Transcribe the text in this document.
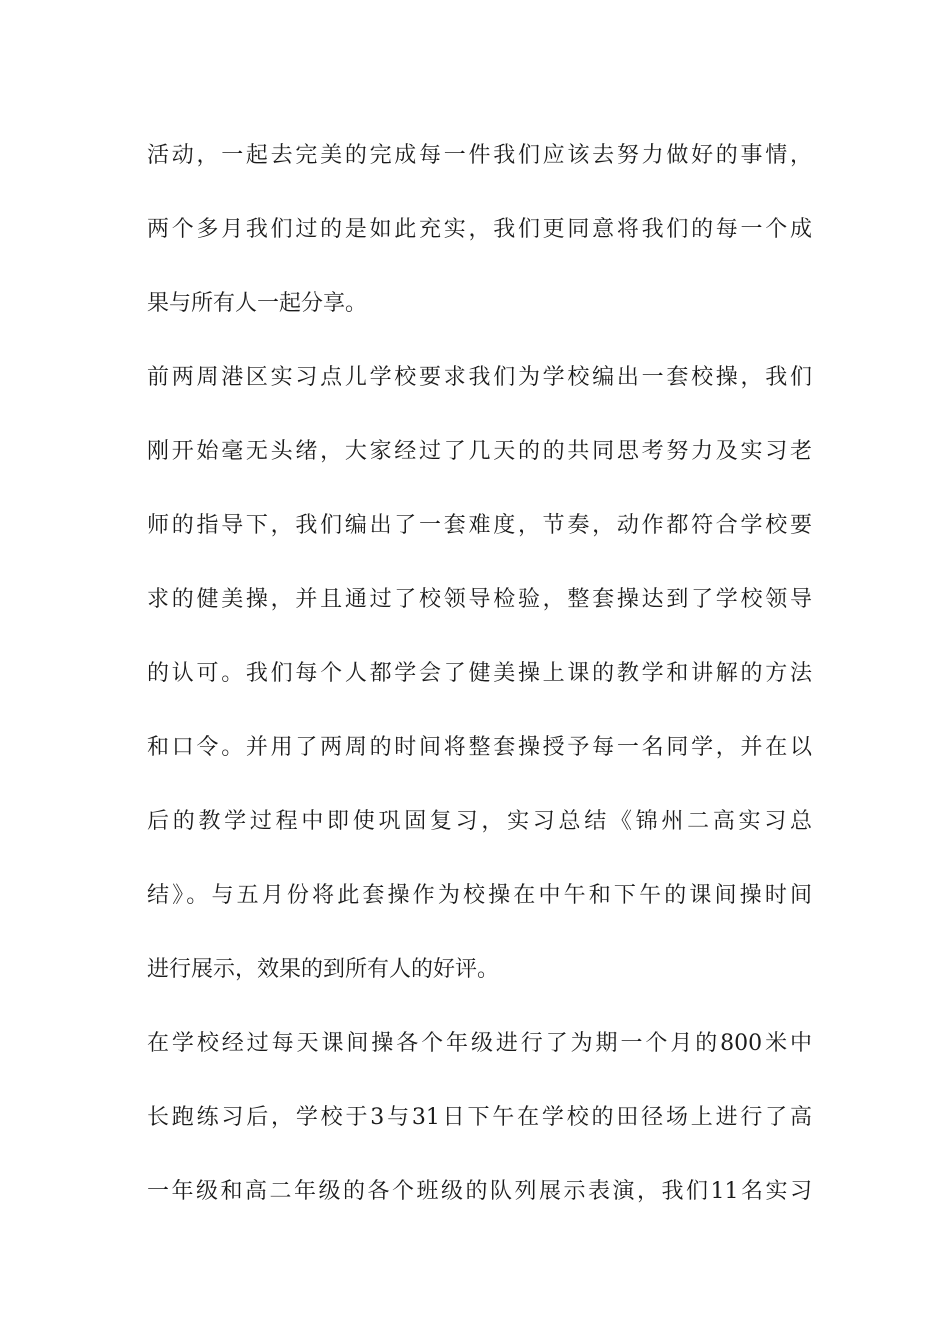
活动，一起去完美的完成每一件我们应该去努力做好的事情，
两个多月我们过的是如此充实，我们更同意将我们的每一个成
果与所有人一起分享。
前两周港区实习点儿学校要求我们为学校编出一套校操，我们
刚开始毫无头绪，大家经过了几天的的共同思考努力及实习老
师的指导下，我们编出了一套难度，节奏，动作都符合学校要
求的健美操，并且通过了校领导检验，整套操达到了学校领导
的认可。我们每个人都学会了健美操上课的教学和讲解的方法
和口令。并用了两周的时间将整套操授予每一名同学，并在以
后的教学过程中即使巩固复习，实习总结《锦州二高实习总
结》。与五月份将此套操作为校操在中午和下午的课间操时间
进行展示，效果的到所有人的好评。
在学校经过每天课间操各个年级进行了为期一个月的800米中
长跑练习后，学校于3与31日下午在学校的田径场上进行了高
一年级和高二年级的各个班级的队列展示表演，我们11名实习
